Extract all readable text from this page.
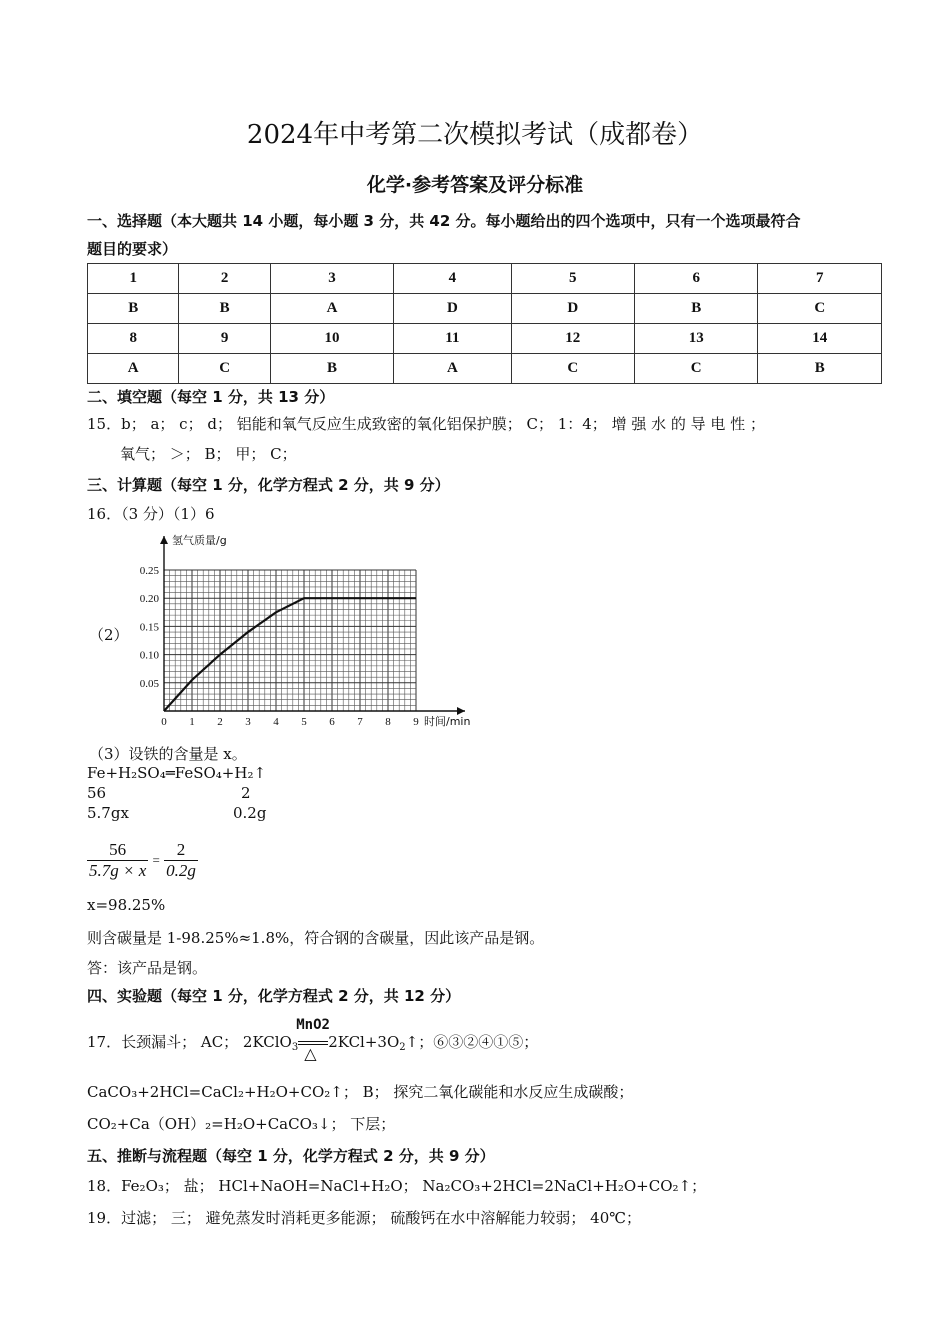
2024年中考第二次模拟考试（成都卷）
化学·参考答案及评分标准
一、选择题（本大题共 14 小题，每小题 3 分，共 42 分。每小题给出的四个选项中，只有一个选项最符合
题目的要求）
1	2	3	4	5	6	7
B	B	A	D	D	B	C
8	9	10	11	12	13	14
A	C	B	A	C	C	B
二、填空题（每空 1 分，共 13 分）
15．b； a； c； d； 铝能和氧气反应生成致密的氧化铝保护膜； C； 1：4； 增 强 水 的 导 电 性 ；
氧气； ＞； B； 甲； C；
三、计算题（每空 1 分，化学方程式 2 分，共 9 分）
16．（3 分）（1）6
（2）
氢气质量/g
时间/min
0 1 2 3 4 5 6 7 8 9
0.05
0.10
0.15
0.20
0.25
（3）设铁的含量是 x。
Fe+H₂SO₄═FeSO₄+H₂↑
56	2
5.7gx	0.2g
$\frac{56}{5.7g \times x} = \frac{2}{0.2g}$
x=98.25%
则含碳量是 1-98.25%≈1.8%，符合钢的含碳量，因此该产品是钢。
答：该产品是钢。
四、实验题（每空 1 分，化学方程式 2 分，共 12 分）
17．长颈漏斗； AC； 2KClO$_3$
MnO2
△
$2KCl+3O_2↑$；⑥③②④①⑤；
CaCO₃+2HCl=CaCl₂+H₂O+CO₂↑； B； 探究二氧化碳能和水反应生成碳酸；
CO₂+Ca（OH）₂=H₂O+CaCO₃↓； 下层；
五、推断与流程题（每空 1 分，化学方程式 2 分，共 9 分）
18．Fe₂O₃； 盐； HCl+NaOH=NaCl+H₂O； Na₂CO₃+2HCl=2NaCl+H₂O+CO₂↑；
19．过滤； 三； 避免蒸发时消耗更多能源； 硫酸钙在水中溶解能力较弱； 40℃；
